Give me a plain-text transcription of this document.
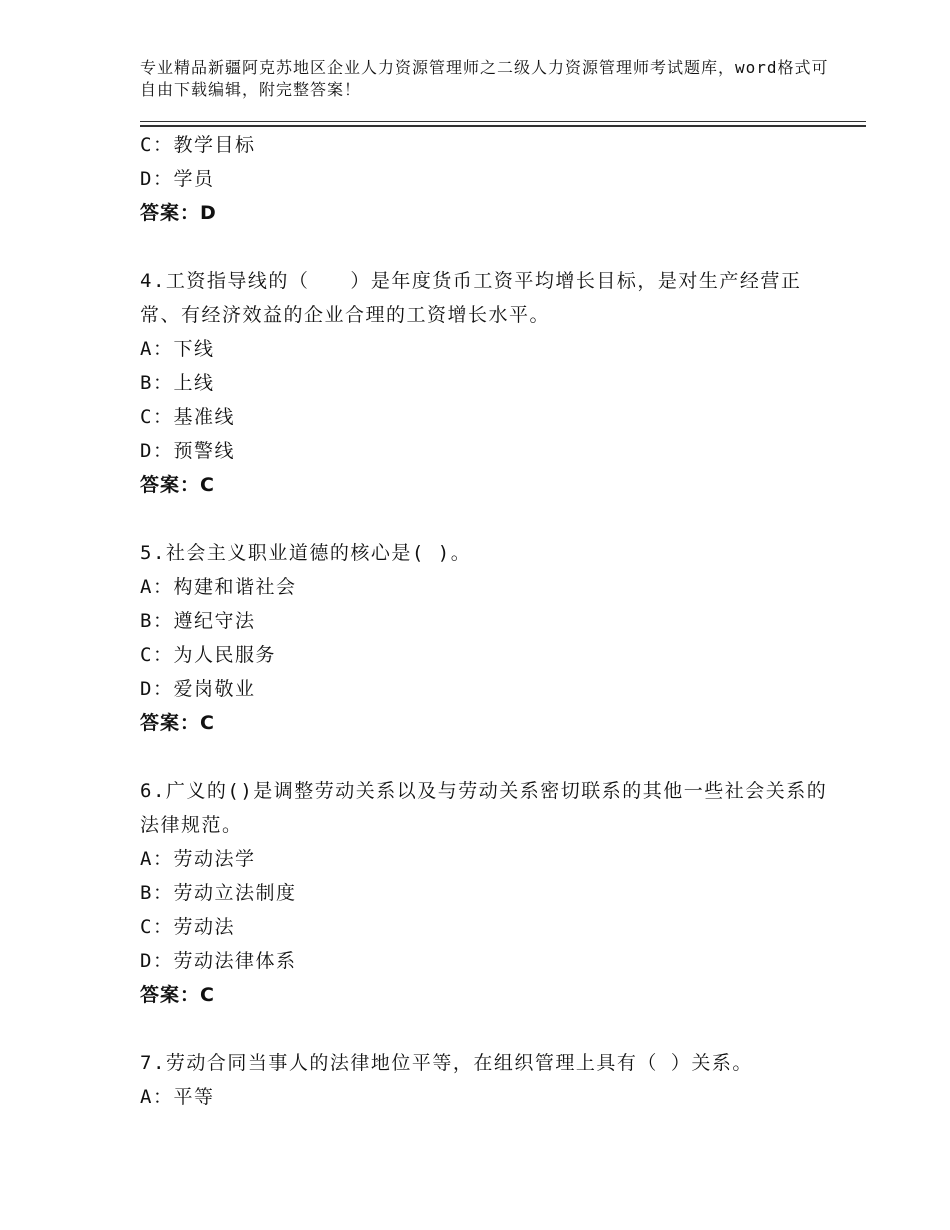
专业精品新疆阿克苏地区企业人力资源管理师之二级人力资源管理师考试题库，word格式可自由下载编辑，附完整答案！
C：教学目标
D：学员
答案：D
4.工资指导线的（　　）是年度货币工资平均增长目标，是对生产经营正常、有经济效益的企业合理的工资增长水平。
A：下线
B：上线
C：基准线
D：预警线
答案：C
5.社会主义职业道德的核心是( )。
A：构建和谐社会
B：遵纪守法
C：为人民服务
D：爱岗敬业
答案：C
6.广义的()是调整劳动关系以及与劳动关系密切联系的其他一些社会关系的法律规范。
A：劳动法学
B：劳动立法制度
C：劳动法
D：劳动法律体系
答案：C
7.劳动合同当事人的法律地位平等，在组织管理上具有（ ）关系。
A：平等
